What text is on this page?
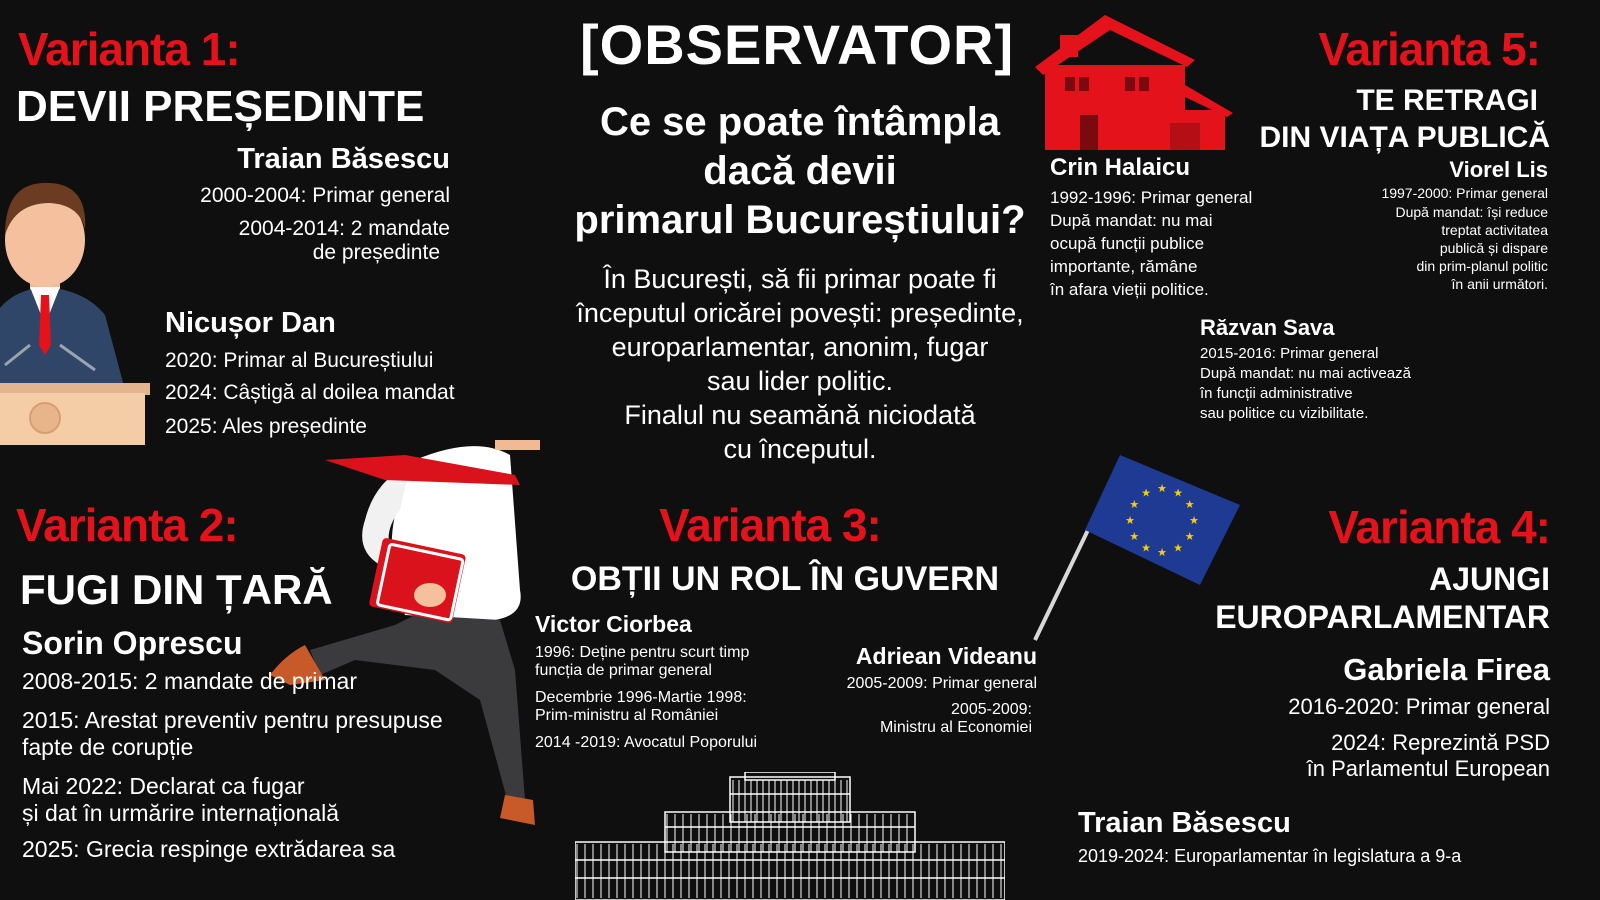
★
★
★
★
★
★
★
★
★ ★ ★
★
[OBSERVATOR]
Ce se poate întâmpla
dacă devii
primarul Bucureștiului?
În București, să fii primar poate fi
începutul oricărei povești: președinte,
europarlamentar, anonim, fugar
sau lider politic.
Finalul nu seamănă niciodată
cu începutul.
Varianta 1:
DEVII PREȘEDINTE
Traian Băsescu
2000-2004: Primar general
2004-2014: 2 mandate
de președinte
Nicușor Dan
2020: Primar al Bucureștiului
2024: Câștigă al doilea mandat
2025: Ales președinte
Varianta 2:
FUGI DIN ȚARĂ
Sorin Oprescu
2008-2015: 2 mandate de primar
2015: Arestat preventiv pentru presupuse
fapte de corupție
Mai 2022: Declarat ca fugar
și dat în urmărire internațională
2025: Grecia respinge extrădarea sa
Varianta 3:
OBȚII UN ROL ÎN GUVERN
Victor Ciorbea
1996: Deține pentru scurt timp
funcția de primar general
Decembrie 1996-Martie 1998:
Prim-ministru al României
2014 -2019: Avocatul Poporului
Adriean Videanu
2005-2009: Primar general
2005-2009:
Ministru al Economiei
Varianta 4:
AJUNGI
EUROPARLAMENTAR
Gabriela Firea
2016-2020: Primar general
2024: Reprezintă PSD
în Parlamentul European
Traian Băsescu
2019-2024: Europarlamentar în legislatura a 9-a
Varianta 5:
TE RETRAGI
DIN VIAȚA PUBLICĂ
Crin Halaicu
1992-1996: Primar general
După mandat: nu mai
ocupă funcții publice
importante, rămâne
în afara vieții politice.
Viorel Lis
1997-2000: Primar general
După mandat: își reduce
treptat activitatea
publică și dispare
din prim-planul politic
în anii următori.
Răzvan Sava
2015-2016: Primar general
După mandat: nu mai activează
în funcții administrative
sau politice cu vizibilitate.
